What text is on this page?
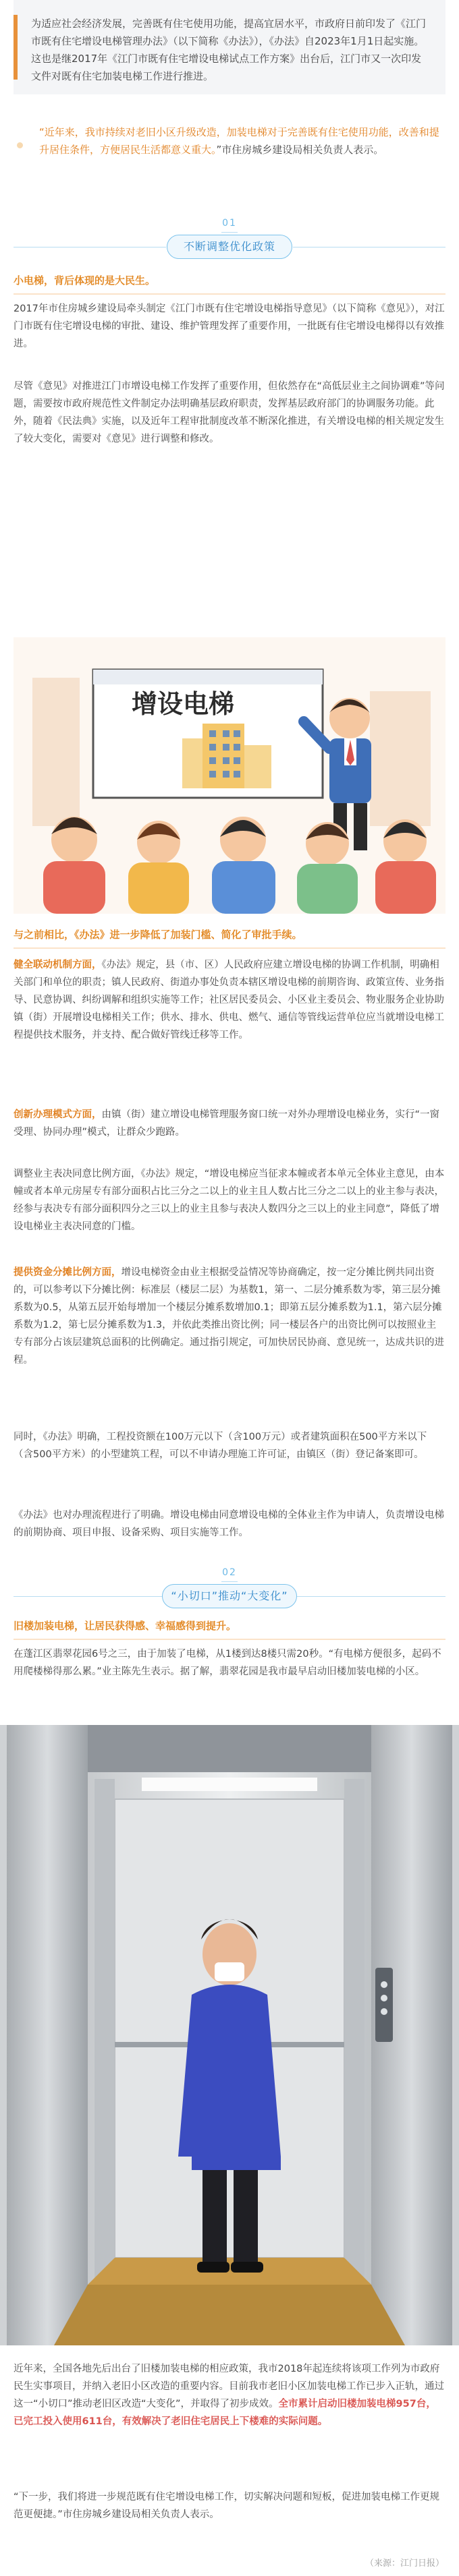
为适应社会经济发展，完善既有住宅使用功能，提高宜居水平，市政府日前印发了《江门市既有住宅增设电梯管理办法》（以下简称《办法》），《办法》自2023年1月1日起实施。这也是继2017年《江门市既有住宅增设电梯试点工作方案》出台后，江门市又一次印发文件对既有住宅加装电梯工作进行推进。

“近年来，我市持续对老旧小区升级改造，加装电梯对于完善既有住宅使用功能，改善和提升居住条件，方便居民生活都意义重大。”市住房城乡建设局相关负责人表示。

01
不断调整优化政策
小电梯，背后体现的是大民生。

2017年市住房城乡建设局牵头制定《江门市既有住宅增设电梯指导意见》（以下简称《意见》），对江门市既有住宅增设电梯的审批、建设、维护管理发挥了重要作用，一批既有住宅增设电梯得以有效推进。

尽管《意见》对推进江门市增设电梯工作发挥了重要作用，但依然存在“高低层业主之间协调难”等问题，需要按市政府规范性文件制定办法明确基层政府职责，发挥基层政府部门的协调服务功能。此外，随着《民法典》实施，以及近年工程审批制度改革不断深化推进，有关增设电梯的相关规定发生了较大变化，需要对《意见》进行调整和修改。

增设电梯
与之前相比，《办法》进一步降低了加装门槛、简化了审批手续。

健全联动机制方面，《办法》规定，县（市、区）人民政府应建立增设电梯的协调工作机制，明确相关部门和单位的职责；镇人民政府、街道办事处负责本辖区增设电梯的前期咨询、政策宣传、业务指导、民意协调、纠纷调解和组织实施等工作；社区居民委员会、小区业主委员会、物业服务企业协助镇（街）开展增设电梯相关工作；供水、排水、供电、燃气、通信等管线运营单位应当就增设电梯工程提供技术服务，并支持、配合做好管线迁移等工作。

创新办理模式方面，由镇（街）建立增设电梯管理服务窗口统一对外办理增设电梯业务，实行“一窗受理、协同办理”模式，让群众少跑路。

调整业主表决同意比例方面，《办法》规定，“增设电梯应当征求本幢或者本单元全体业主意见，由本幢或者本单元房屋专有部分面积占比三分之二以上的业主且人数占比三分之二以上的业主参与表决，经参与表决专有部分面积四分之三以上的业主且参与表决人数四分之三以上的业主同意”，降低了增设电梯业主表决同意的门槛。

提供资金分摊比例方面，增设电梯资金由业主根据受益情况等协商确定，按一定分摊比例共同出资的，可以参考以下分摊比例：标准层（楼层二层）为基数1，第一、二层分摊系数为零，第三层分摊系数为0.5，从第五层开始每增加一个楼层分摊系数增加0.1；即第五层分摊系数为1.1，第六层分摊系数为1.2，第七层分摊系数为1.3，并依此类推出资比例；同一楼层各户的出资比例可以按照业主专有部分占该层建筑总面积的比例确定。通过指引规定，可加快居民协商、意见统一，达成共识的进程。

同时，《办法》明确，工程投资额在100万元以下（含100万元）或者建筑面积在500平方米以下（含500平方米）的小型建筑工程，可以不申请办理施工许可证，由镇区（街）登记备案即可。

《办法》也对办理流程进行了明确。增设电梯由同意增设电梯的全体业主作为申请人，负责增设电梯的前期协商、项目申报、设备采购、项目实施等工作。

02
“小切口”推动“大变化”
旧楼加装电梯，让居民获得感、幸福感得到提升。

在蓬江区翡翠花园6号之三，由于加装了电梯，从1楼到达8楼只需20秒。“有电梯方便很多，起码不用爬楼梯得那么累。”业主陈先生表示。据了解，翡翠花园是我市最早启动旧楼加装电梯的小区。

近年来，全国各地先后出台了旧楼加装电梯的相应政策，我市2018年起连续将该项工作列为市政府民生实事项目，并纳入老旧小区改造的重要内容。目前我市老旧小区加装电梯工作已步入正轨，通过这一“小切口”推动老旧区改造“大变化”，并取得了初步成效。全市累计启动旧楼加装电梯957台，已完工投入使用611台，有效解决了老旧住宅居民上下楼难的实际问题。

“下一步，我们将进一步规范既有住宅增设电梯工作，切实解决问题和短板，促进加装电梯工作更规范更便捷。”市住房城乡建设局相关负责人表示。

（来源：江门日报）
